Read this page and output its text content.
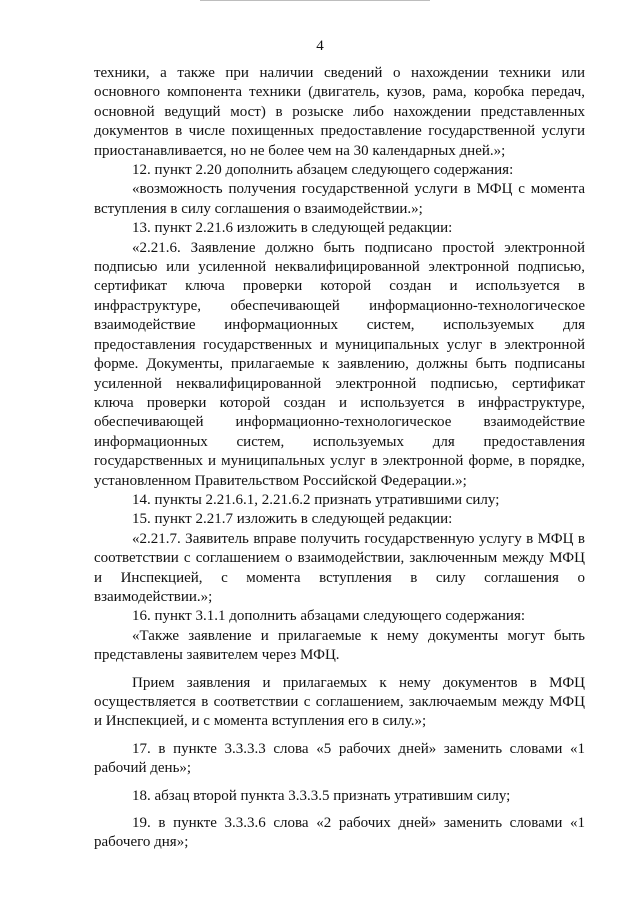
4

техники, а также при наличии сведений о нахождении техники или основного компонента техники (двигатель, кузов, рама, коробка передач, основной ведущий мост) в розыске либо нахождении представленных документов в числе похищенных предоставление государственной услуги приостанавливается, но не более чем на 30 календарных дней.»;

12. пункт 2.20 дополнить абзацем следующего содержания:

«возможность получения государственной услуги в МФЦ с момента вступления в силу соглашения о взаимодействии.»;

13. пункт 2.21.6 изложить в следующей редакции:

«2.21.6. Заявление должно быть подписано простой электронной подписью или усиленной неквалифицированной электронной подписью, сертификат ключа проверки которой создан и используется в инфраструктуре, обеспечивающей информационно-технологическое взаимодействие информационных систем, используемых для предоставления государственных и муниципальных услуг в электронной форме. Документы, прилагаемые к заявлению, должны быть подписаны усиленной неквалифицированной электронной подписью, сертификат ключа проверки которой создан и используется в инфраструктуре, обеспечивающей информационно-технологическое взаимодействие информационных систем, используемых для предоставления государственных и муниципальных услуг в электронной форме, в порядке, установленном Правительством Российской Федерации.»;

14. пункты 2.21.6.1, 2.21.6.2 признать утратившими силу;

15. пункт 2.21.7 изложить в следующей редакции:

«2.21.7. Заявитель вправе получить государственную услугу в МФЦ в соответствии с соглашением о взаимодействии, заключенным между МФЦ и Инспекцией, с момента вступления в силу соглашения о взаимодействии.»;

16. пункт 3.1.1 дополнить абзацами следующего содержания:

«Также заявление и прилагаемые к нему документы могут быть представлены заявителем через МФЦ.

Прием заявления и прилагаемых к нему документов в МФЦ осуществляется в соответствии с соглашением, заключаемым между МФЦ и Инспекцией, и с момента вступления его в силу.»;

17. в пункте 3.3.3.3 слова «5 рабочих дней» заменить словами «1 рабочий день»;

18. абзац второй пункта 3.3.3.5 признать утратившим силу;

19. в пункте 3.3.3.6 слова «2 рабочих дней» заменить словами «1 рабочего дня»;
